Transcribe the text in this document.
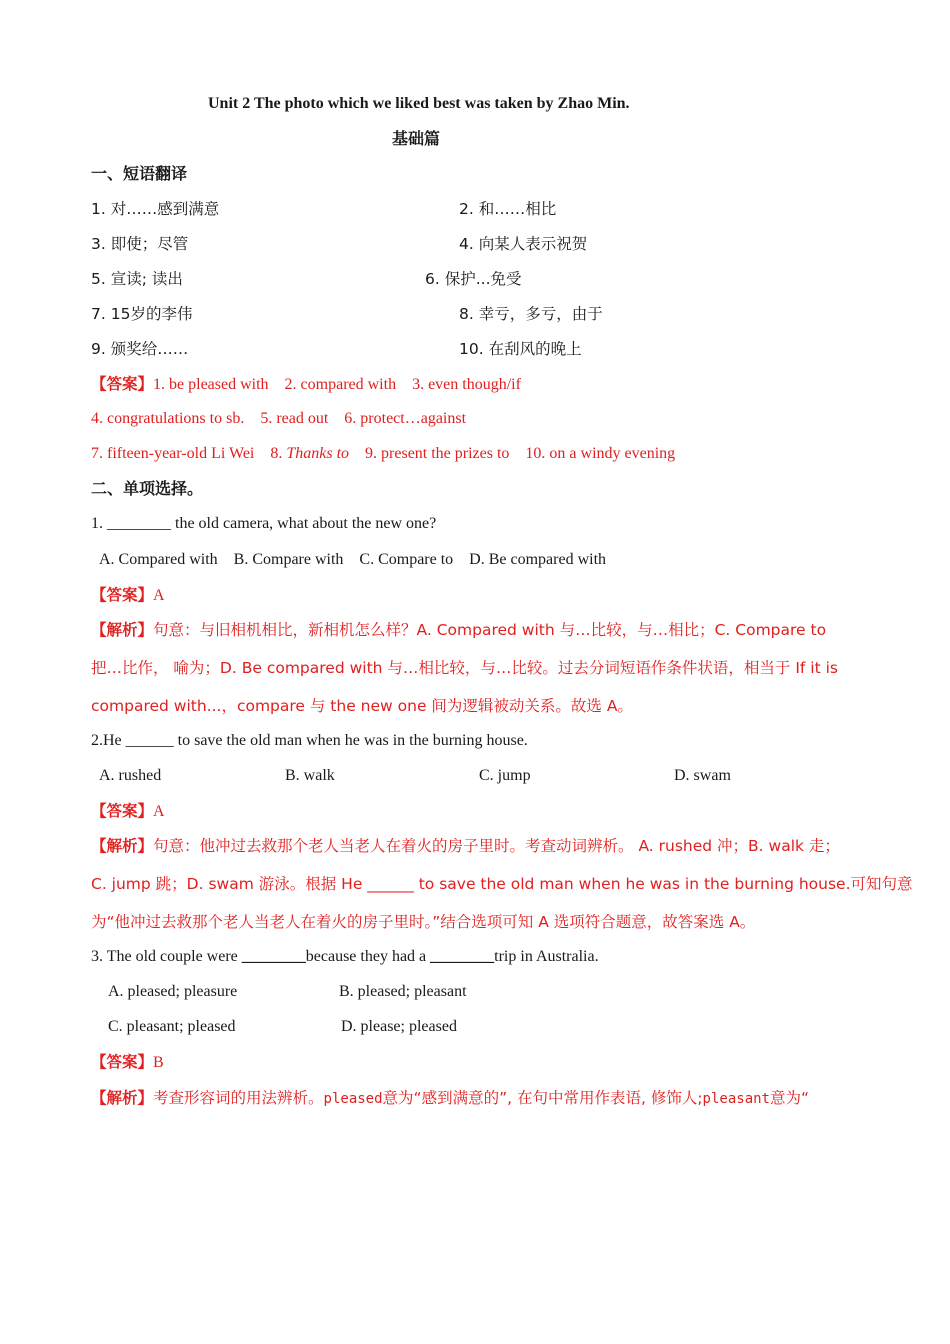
Unit 2 The photo which we liked best was taken by Zhao Min.
基础篇
一、短语翻译
1. 对……感到满意	2. 和……相比
3. 即使；尽管	4. 向某人表示祝贺
5. 宣读; 读出	6. 保护...免受
7. 15岁的李伟	8. 幸亏，多亏，由于
9. 颁奖给……	10. 在刮风的晚上
【答案】1. be pleased with    2. compared with    3. even though/if
4. congratulations to sb.    5. read out    6. protect…against
7. fifteen-year-old Li Wei    8. Thanks to    9. present the prizes to    10. on a windy evening
二、单项选择。
1. ________ the old camera, what about the new one?
A. Compared with    B. Compare with    C. Compare to    D. Be compared with
【答案】A
【解析】句意：与旧相机相比，新相机怎么样？A. Compared with 与…比较，与…相比；C. Compare to
把…比作， 喻为；D. Be compared with 与…相比较，与…比较。过去分词短语作条件状语，相当于 If it is
compared with...，compare 与 the new one 间为逻辑被动关系。故选 A。
2.He ______ to save the old man when he was in the burning house.
A. rushed	B. walk	C. jump	D. swam
【答案】A
【解析】句意：他冲过去救那个老人当老人在着火的房子里时。考查动词辨析。 A. rushed 冲；B. walk 走；
C. jump 跳；D. swam 游泳。根据 He ______ to save the old man when he was in the burning house.可知句意
为“他冲过去救那个老人当老人在着火的房子里时。”结合选项可知 A 选项符合题意，故答案选 A。
3. The old couple were ________because they had a ________trip in Australia.
A. pleased; pleasure	B. pleased; pleasant
C. pleasant; pleased	D. please; pleased
【答案】B
【解析】考查形容词的用法辨析。pleased意为“感到满意的”, 在句中常用作表语, 修饰人;pleasant意为“
